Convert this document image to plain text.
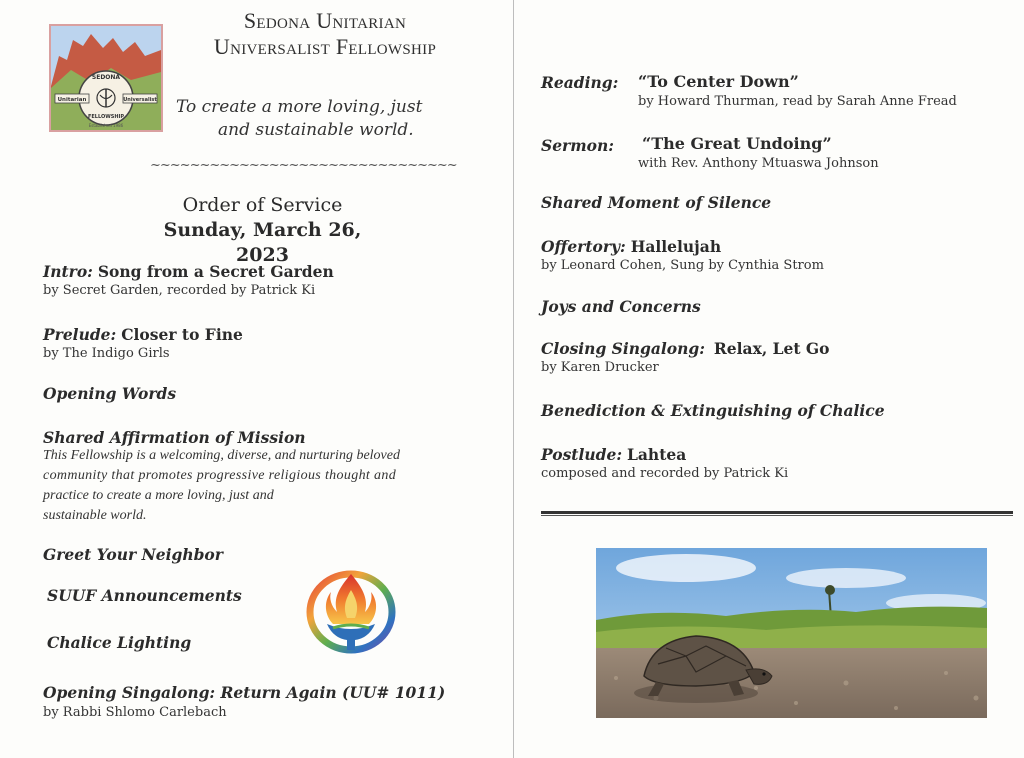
SEDONA
Unitarian	Universalist
FELLOWSHIP
Established 1986
Sedona Unitarian
Universalist Fellowship
To create a more loving, just
and sustainable world.
~~~~~~~~~~~~~~~~~~~~~~~~~~~~~~~
Order of Service
Sunday, March 26, 2023
Intro: Song from a Secret Garden
by Secret Garden, recorded by Patrick Ki
Prelude: Closer to Fine
by The Indigo Girls
Opening Words
Shared Affirmation of Mission
This Fellowship is a welcoming, diverse, and nurturing beloved
community that promotes progressive religious thought and
practice to create a more loving, just and
sustainable world.
Greet Your Neighbor
SUUF Announcements
Chalice Lighting
Opening Singalong: Return Again (UU# 1011)
by Rabbi Shlomo Carlebach
Reading: “To Center Down”
by Howard Thurman, read by Sarah Anne Fread
Sermon: “The Great Undoing”
with Rev. Anthony Mtuaswa Johnson
Shared Moment of Silence
Offertory: Hallelujah
by Leonard Cohen, Sung by Cynthia Strom
Joys and Concerns
Closing Singalong: Relax, Let Go
by Karen Drucker
Benediction & Extinguishing of Chalice
Postlude: Lahtea
composed and recorded by Patrick Ki
